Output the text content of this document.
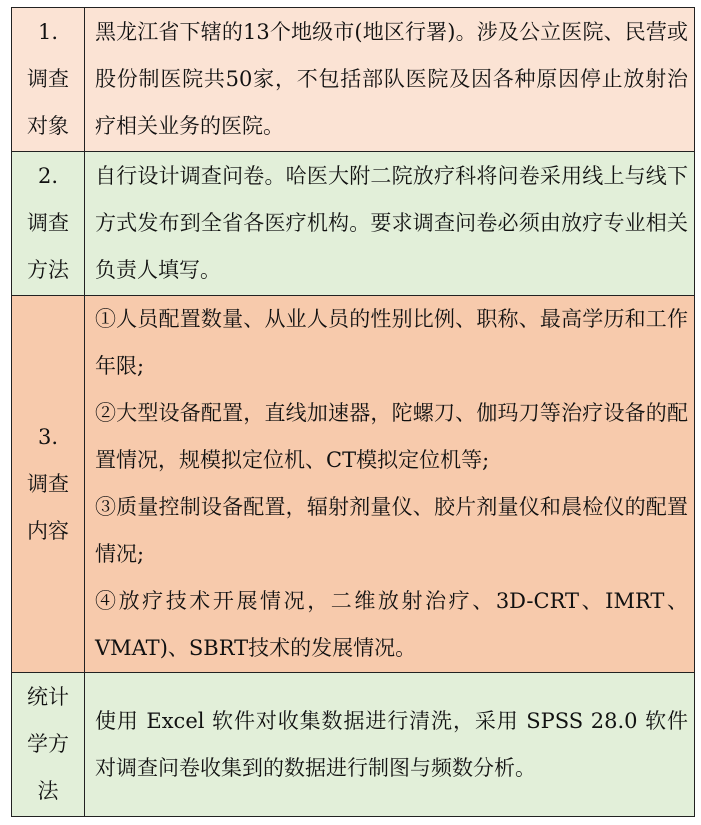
1.
调查
对象	黑龙江省下辖的13个地级市(地区行署)。涉及公立医院、民营或股份制医院共50家，不包括部队医院及因各种原因停止放射治疗相关业务的医院。

2.
调查
方法	自行设计调查问卷。哈医大附二院放疗科将问卷采用线上与线下方式发布到全省各医疗机构。要求调查问卷必须由放疗专业相关负责人填写。

3.
调查
内容	①人员配置数量、从业人员的性别比例、职称、最高学历和工作年限;
②大型设备配置，直线加速器，陀螺刀、伽玛刀等治疗设备的配置情况，规模拟定位机、CT模拟定位机等;
③质量控制设备配置，辐射剂量仪、胶片剂量仪和晨检仪的配置情况;
④放疗技术开展情况，二维放射治疗、3D-CRT、IMRT、VMAT)、SBRT技术的发展情况。

统计
学方
法	使用 Excel 软件对收集数据进行清洗，采用 SPSS 28.0 软件对调查问卷收集到的数据进行制图与频数分析。
